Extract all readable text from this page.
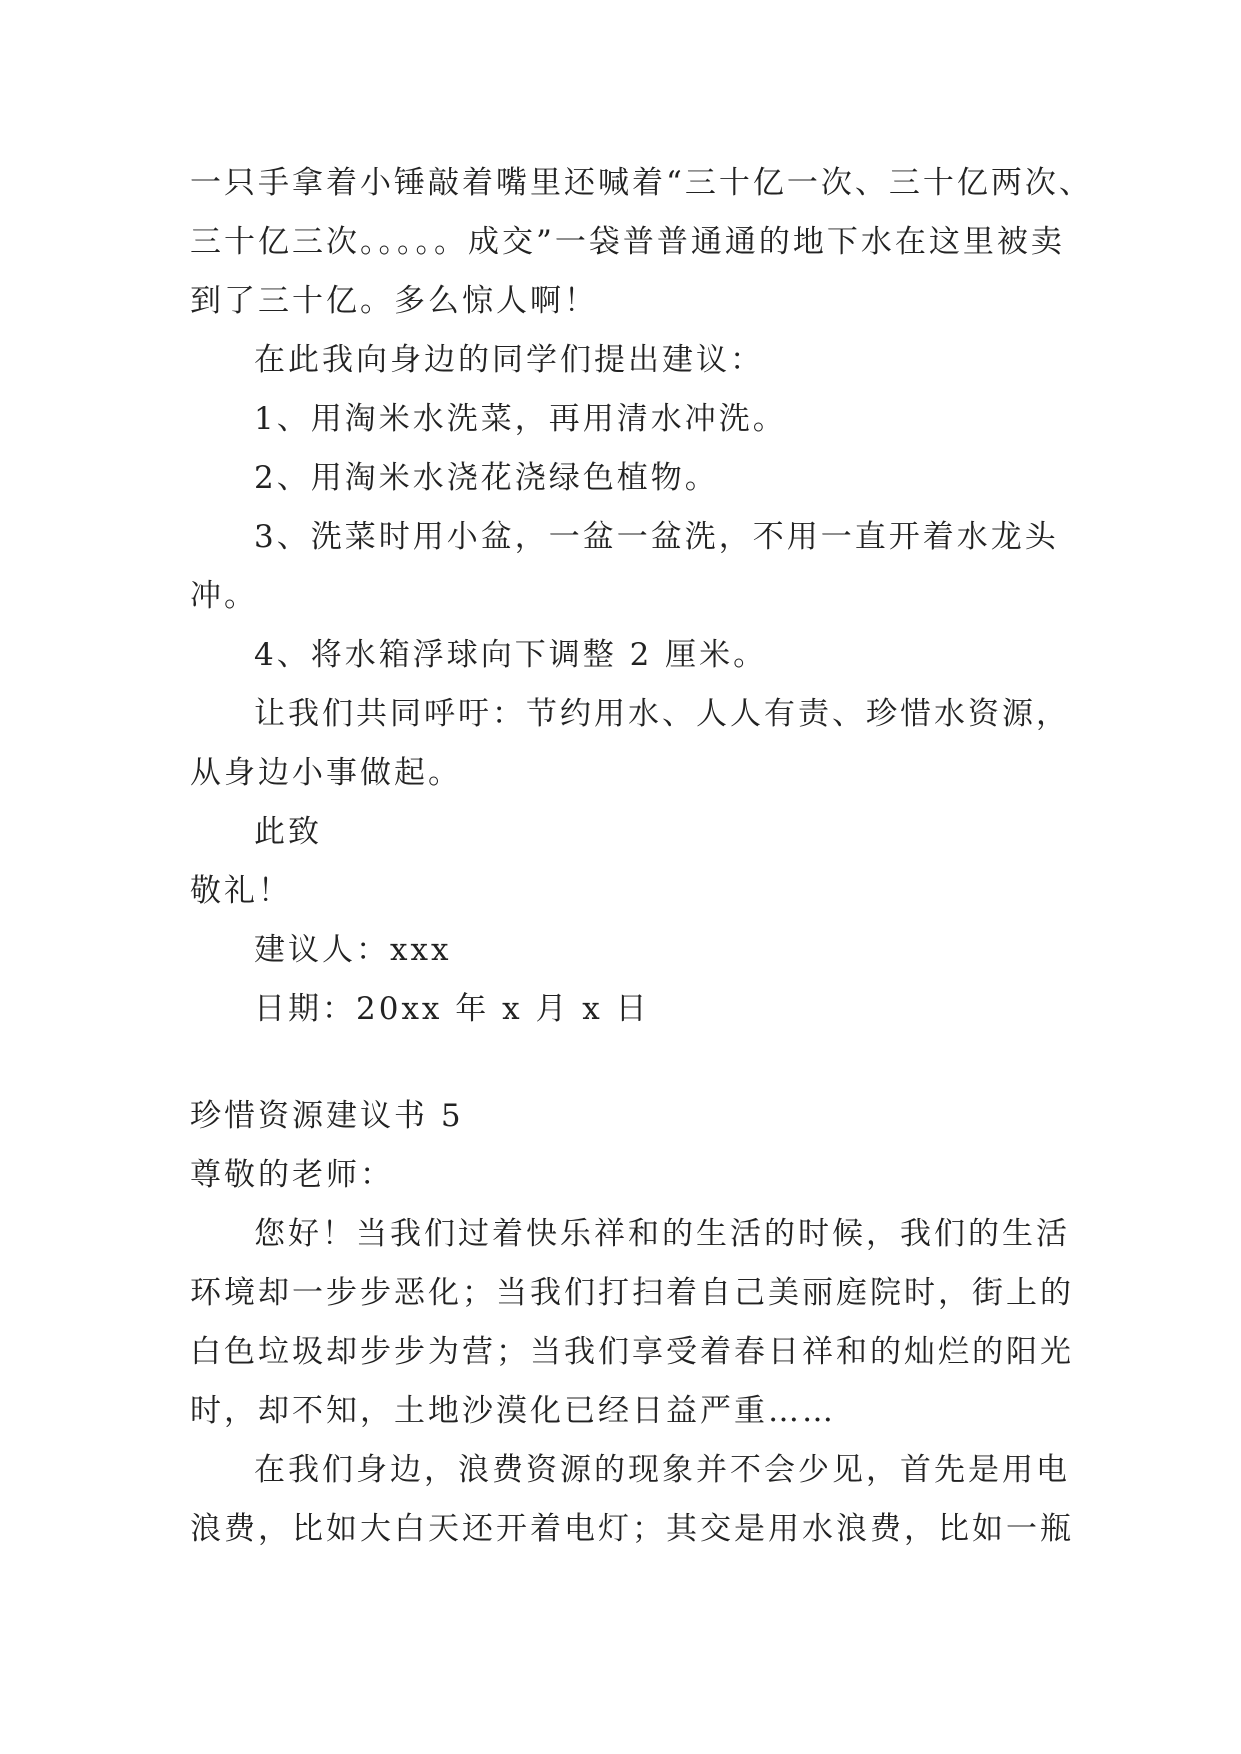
一只手拿着小锤敲着嘴里还喊着“三十亿一次、三十亿两次、

三十亿三次。。。。。成交”一袋普普通通的地下水在这里被卖

到了三十亿。多么惊人啊！

在此我向身边的同学们提出建议：

1、用淘米水洗菜，再用清水冲洗。

2、用淘米水浇花浇绿色植物。

3、洗菜时用小盆，一盆一盆洗，不用一直开着水龙头

冲。

4、将水箱浮球向下调整 2 厘米。

让我们共同呼吁：节约用水、人人有责、珍惜水资源，

从身边小事做起。

此致

敬礼！

建议人：xxx

日期：20xx 年 x 月 x 日

珍惜资源建议书 5

尊敬的老师：

您好！当我们过着快乐祥和的生活的时候，我们的生活

环境却一步步恶化；当我们打扫着自己美丽庭院时，街上的

白色垃圾却步步为营；当我们享受着春日祥和的灿烂的阳光

时，却不知，土地沙漠化已经日益严重……

在我们身边，浪费资源的现象并不会少见，首先是用电

浪费，比如大白天还开着电灯；其交是用水浪费，比如一瓶
